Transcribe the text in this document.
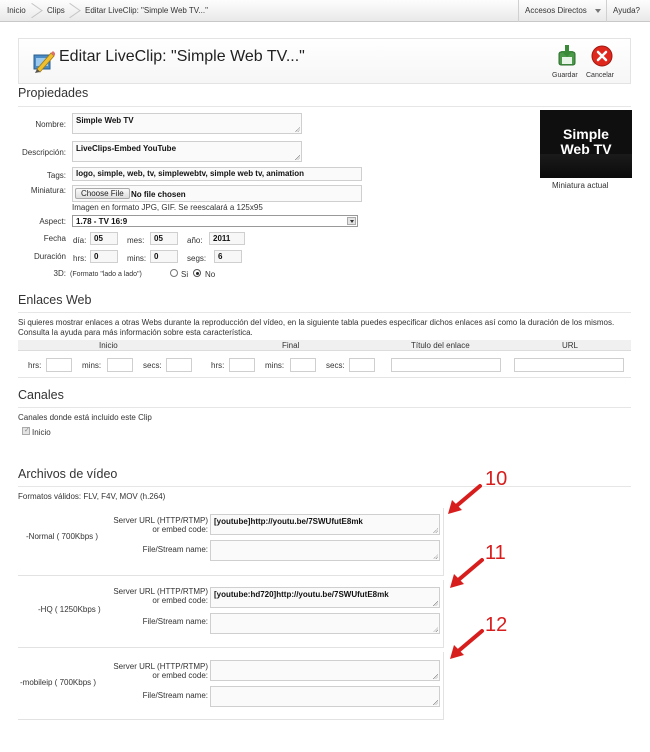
Inicio	Clips	Editar LiveClip: "Simple Web TV..."	Accesos Directos	Ayuda?
Editar LiveClip: "Simple Web TV..."
Guardar Cancelar
Propiedades
Nombre:	Simple Web TV
Descripción:	LiveClips-Embed YouTube
Tags:	logo, simple, web, tv, simplewebtv, simple web tv, animation
Miniatura:	Choose File No file chosen
Imagen en formato JPG, GIF. Se reescalará a 125x95
Aspect: 1.78 - TV 16:9
Fecha día: 05	mes:	05	año:	2011
Duración hrs: 0	mins: 0	segs:	6
3D: (Formato "lado a lado")	Si No
Simple
Web TV
Miniatura actual
Enlaces Web
Si quieres mostrar enlaces a otras Webs durante la reproducción del vídeo, en la siguiente tabla puedes especificar dichos enlaces así como la duración de los mismos. Consulta la ayuda para más información sobre esta característica.
Inicio	Final	Título del enlace	URL
hrs:	mins:	secs:	hrs:	mins:	secs:
Canales
Canales donde está incluido este Clip
✓ Inicio
Archivos de vídeo
Formatos válidos: FLV, F4V, MOV (h.264)
-Normal ( 700Kbps )
Server URL (HTTP/RTMP)
or embed code:
[youtube]http://youtu.be/7SWUfutE8mk
File/Stream name:
-HQ ( 1250Kbps )
Server URL (HTTP/RTMP)
or embed code:
[youtube:hd720]http://youtu.be/7SWUfutE8mk
File/Stream name:
-mobileip ( 700Kbps )
Server URL (HTTP/RTMP)
or embed code:
File/Stream name:
10
11
12
